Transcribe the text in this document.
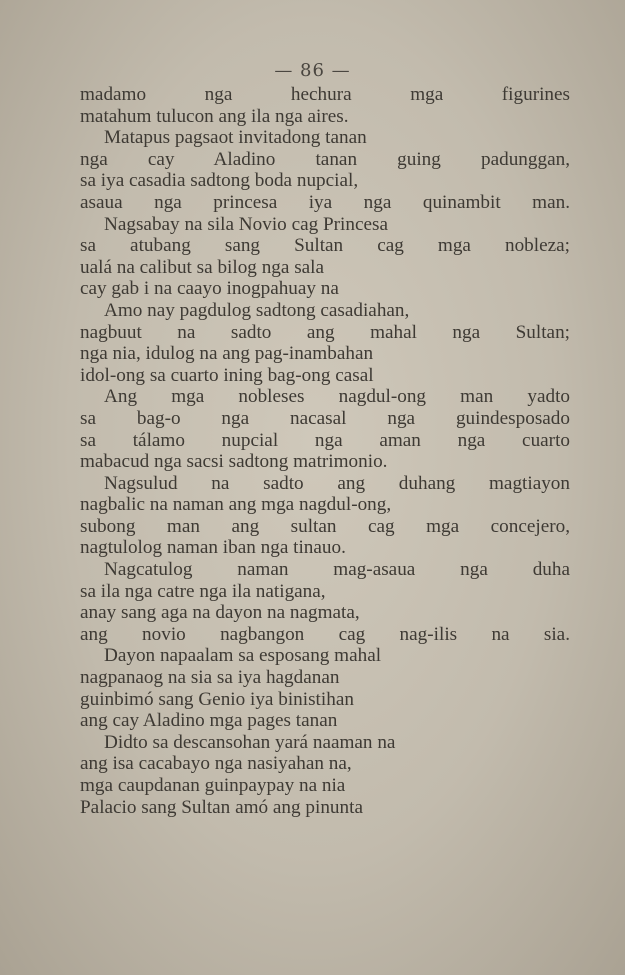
— 86 —
madamo nga hechura mga figurines
matahum tulucon ang ila nga aires.
Matapus pagsaot invitadong tanan
nga cay Aladino tanan guing padunggan,
sa iya casadia sadtong boda nupcial,
asaua nga princesa iya nga quinambit man.
Nagsabay na sila Novio cag Princesa
sa atubang sang Sultan cag mga nobleza;
ualá na calibut sa bilog nga sala
cay gab i na caayo inogpahuay na
Amo nay pagdulog sadtong casadiahan,
nagbuut na sadto ang mahal nga Sultan;
nga nia, idulog na ang pag-inambahan
idol-ong sa cuarto ining bag-ong casal
Ang mga nobleses nagdul-ong man yadto
sa bag-o nga nacasal nga guindesposado
sa tálamo nupcial nga aman nga cuarto
mabacud nga sacsi sadtong matrimonio.
Nagsulud na sadto ang duhang magtiayon
nagbalic na naman ang mga nagdul-ong,
subong man ang sultan cag mga concejero,
nagtulolog naman iban nga tinauo.
Nagcatulog naman mag-asaua nga duha
sa ila nga catre nga ila natigana,
anay sang aga na dayon na nagmata,
ang novio nagbangon cag nag-ilis na sia.
Dayon napaalam sa esposang mahal
nagpanaog na sia sa iya hagdanan
guinbimó sang Genio iya binistihan
ang cay Aladino mga pages tanan
Didto sa descansohan yará naaman na
ang isa cacabayo nga nasiyahan na,
mga caupdanan guinpaypay na nia
Palacio sang Sultan amó ang pinunta
